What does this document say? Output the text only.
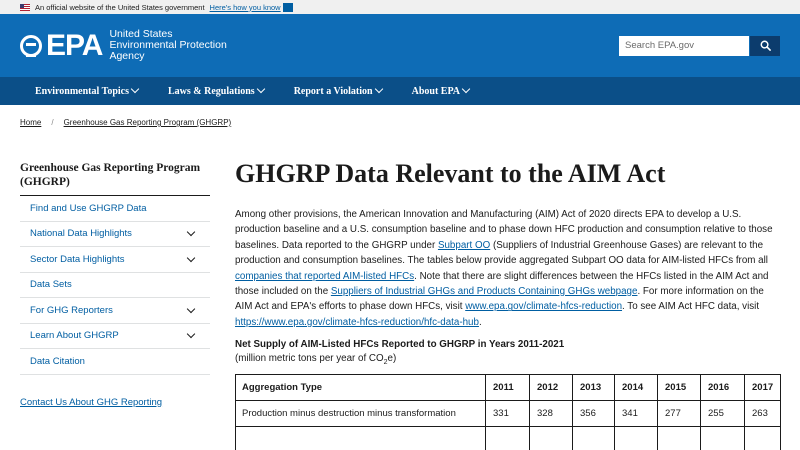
An official website of the United States government Here's how you know
EPA United States
Environmental Protection
Agency
Search EPA.gov
Environmental Topics	Laws & Regulations	Report a Violation	About EPA
Home / Greenhouse Gas Reporting Program (GHGRP)
Greenhouse Gas Reporting Program (GHGRP)
Find and Use GHGRP Data
National Data Highlights
Sector Data Highlights
Data Sets
For GHG Reporters
Learn About GHGRP
Data Citation
Contact Us About GHG Reporting
GHGRP Data Relevant to the AIM Act

Among other provisions, the American Innovation and Manufacturing (AIM) Act of 2020 directs EPA to develop a U.S. production baseline and a U.S. consumption baseline and to phase down HFC production and consumption relative to those baselines. Data reported to the GHGRP under Subpart OO (Suppliers of Industrial Greenhouse Gases) are relevant to the production and consumption baselines. The tables below provide aggregated Subpart OO data for AIM-listed HFCs from all companies that reported AIM-listed HFCs. Note that there are slight differences between the HFCs listed in the AIM Act and those included on the Suppliers of Industrial GHGs and Products Containing GHGs webpage. For more information on the AIM Act and EPA's efforts to phase down HFCs, visit www.epa.gov/climate-hfcs-reduction. To see AIM Act HFC data, visit https://www.epa.gov/climate-hfcs-reduction/hfc-data-hub.

Net Supply of AIM-Listed HFCs Reported to GHGRP in Years 2011-2021
(million metric tons per year of $CO_2e$)
Aggregation Type	2011	2012	2013	2014	2015	2016	2017
Production minus destruction minus transformation	331	328	356	341	277	255	263
